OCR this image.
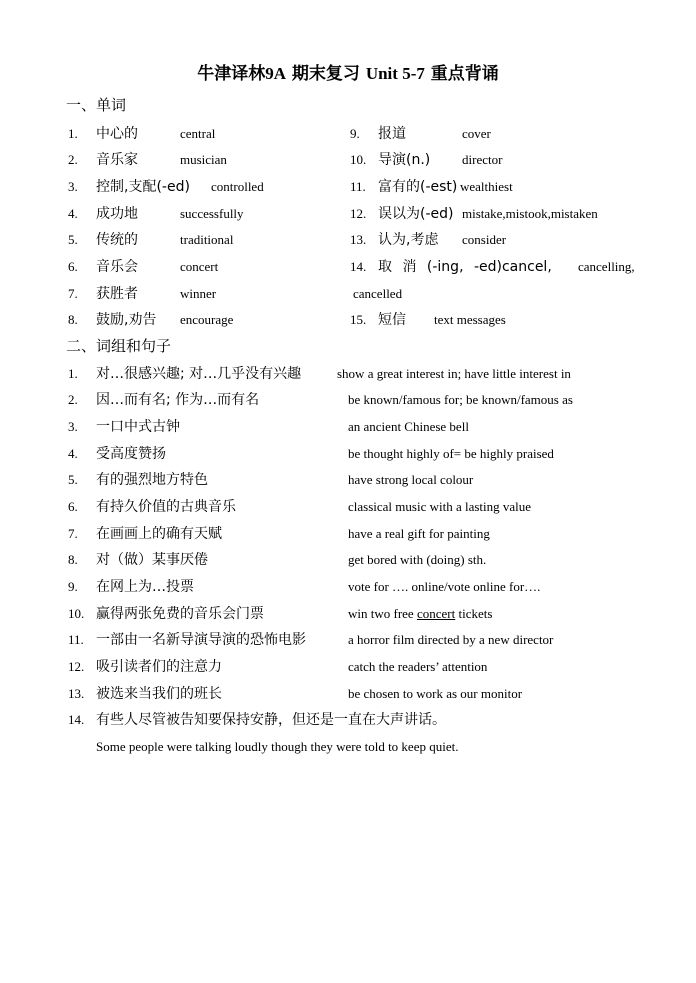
牛津译林9A 期末复习 Unit 5-7 重点背诵
一、单词
1. 中心的	central	9. 报道	cover
2. 音乐家	musician	10. 导演(n.) director
3. 控制,支配(-ed) controlled	11. 富有的(-est) wealthiest
4. 成功地	successfully	12. 误以为(-ed) mistake,mistook,mistaken
5. 传统的	traditional	13. 认为,考虑 consider
6. 音乐会	concert	14. 取 消 (-ing, -ed)cancel, cancelling,
7. 获胜者	winner	cancelled
8. 鼓励,劝告 encourage	15. 短信 text messages
二、词组和句子
1. 对…很感兴趣; 对…几乎没有兴趣	show a great interest in; have little interest in
2. 因…而有名; 作为…而有名	be known/famous for; be known/famous as
3. 一口中式古钟	an ancient Chinese bell
4. 受高度赞扬	be thought highly of= be highly praised
5. 有的强烈地方特色	have strong local colour
6. 有持久价值的古典音乐	classical music with a lasting value
7. 在画画上的确有天赋	have a real gift for painting
8. 对（做）某事厌倦	get bored with (doing) sth.
9. 在网上为…投票	vote for …. online/vote online for….
10. 赢得两张免费的音乐会门票	win two free concert tickets
11. 一部由一名新导演导演的恐怖电影	a horror film directed by a new director
12. 吸引读者们的注意力	catch the readers’ attention
13. 被选来当我们的班长	be chosen to work as our monitor
14. 有些人尽管被告知要保持安静，但还是一直在大声讲话。
Some people were talking loudly though they were told to keep quiet.
